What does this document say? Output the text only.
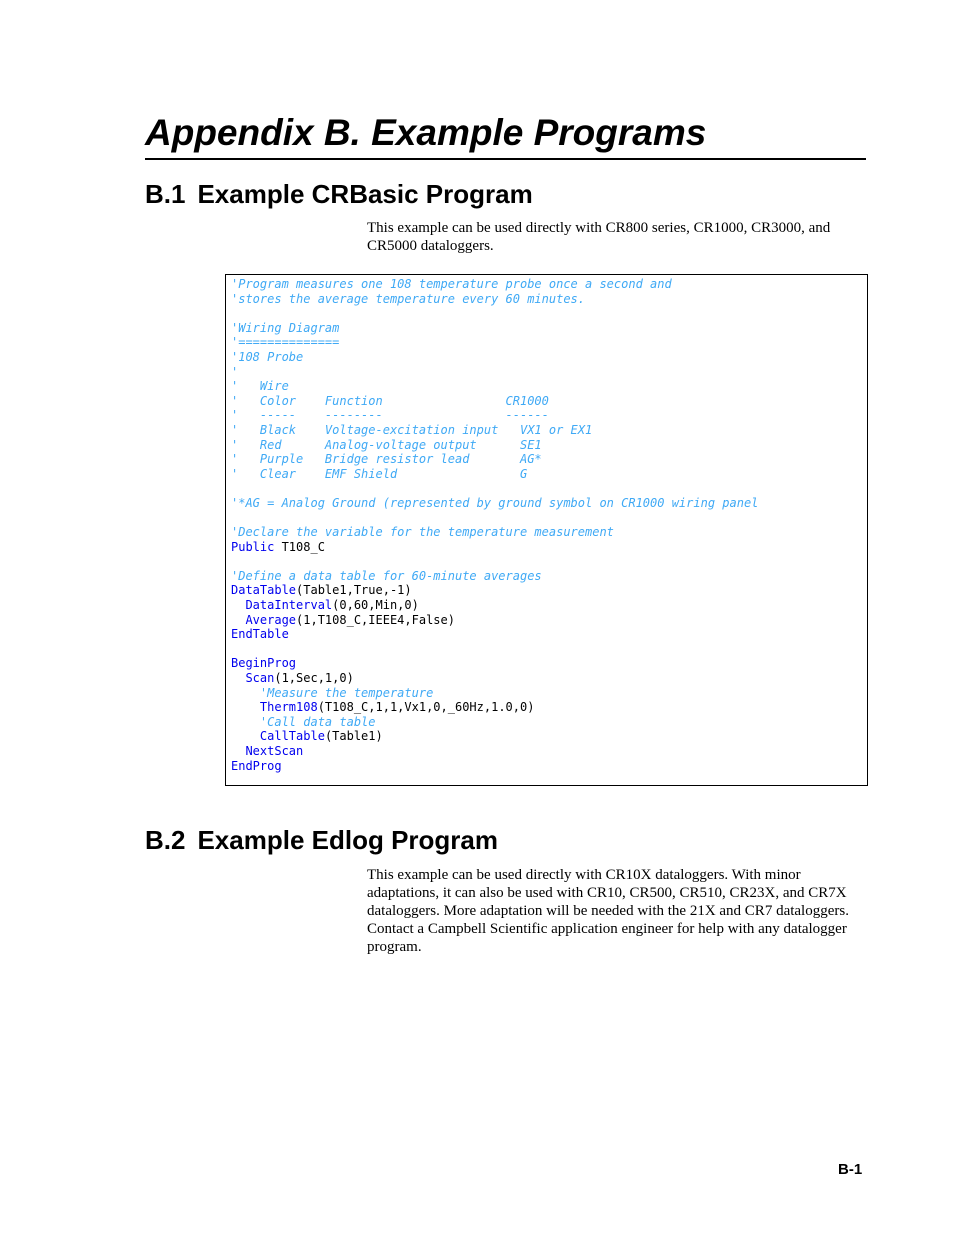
Appendix B. Example Programs
B.1 Example CRBasic Program

This example can be used directly with CR800 series, CR1000, CR3000, and CR5000 dataloggers.

'Program measures one 108 temperature probe once a second and
'stores the average temperature every 60 minutes.
'Wiring Diagram
'==============
'108 Probe
'
'   Wire
'   Color    Function                 CR1000
'   -----    --------                 ------
'   Black    Voltage-excitation input   VX1 or EX1
'   Red      Analog-voltage output      SE1
'   Purple   Bridge resistor lead       AG*
'   Clear    EMF Shield                 G
'*AG = Analog Ground (represented by ground symbol on CR1000 wiring panel
'Declare the variable for the temperature measurement
Public T108_C
'Define a data table for 60-minute averages
DataTable(Table1,True,-1)
DataInterval(0,60,Min,0)
Average(1,T108_C,IEEE4,False)
EndTable
BeginProg
Scan(1,Sec,1,0)
'Measure the temperature
Therm108(T108_C,1,1,Vx1,0,_60Hz,1.0,0)
'Call data table
CallTable(Table1)
NextScan
EndProg
B.2 Example Edlog Program

This example can be used directly with CR10X dataloggers. With minor adaptations, it can also be used with CR10, CR500, CR510, CR23X, and CR7X dataloggers. More adaptation will be needed with the 21X and CR7 dataloggers. Contact a Campbell Scientific application engineer for help with any datalogger program.

B-1
